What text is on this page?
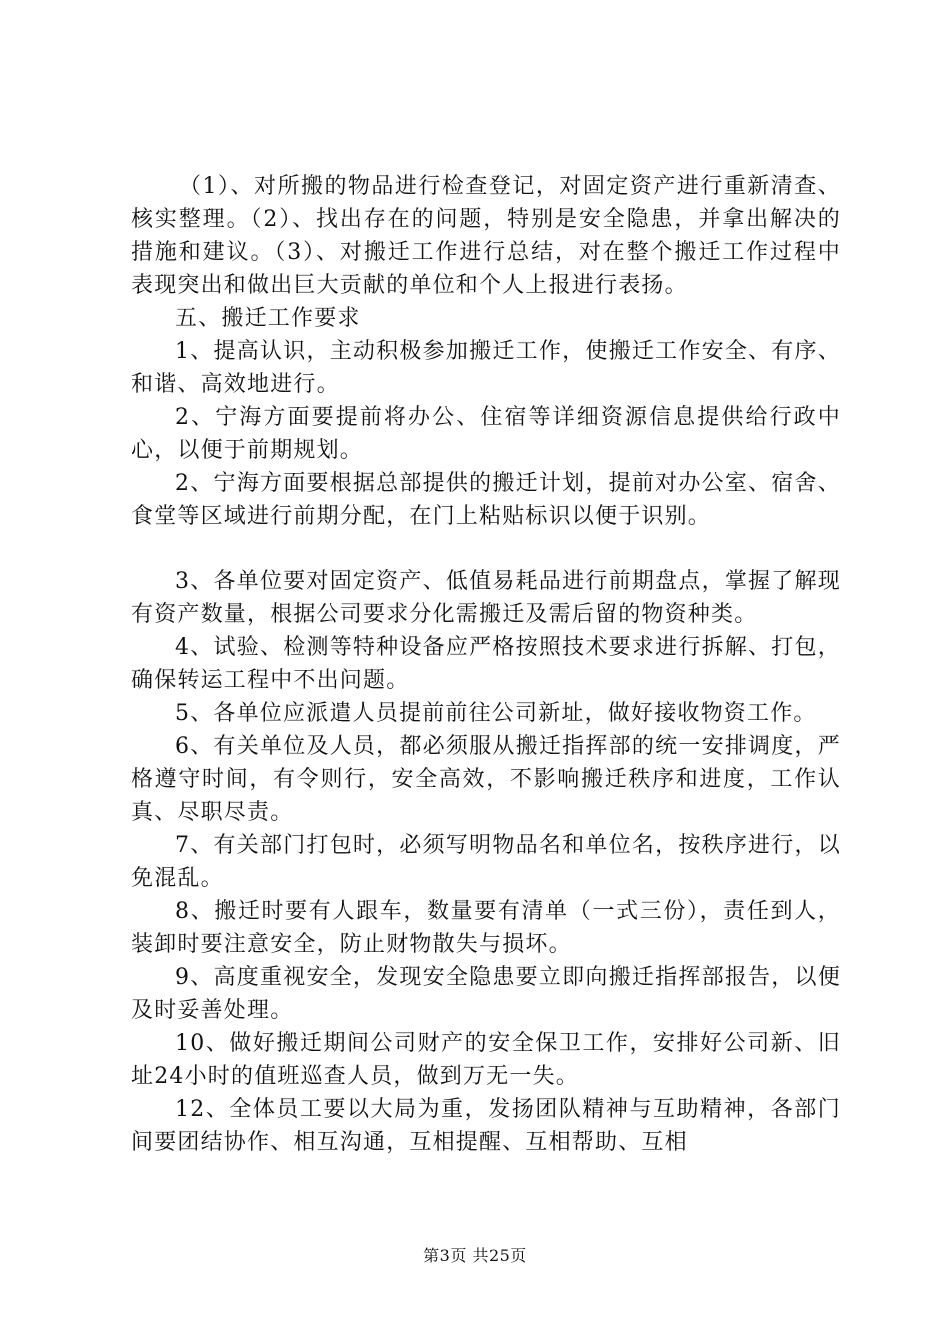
（1）、对所搬的物品进行检查登记，对固定资产进行重新清查、核实整理。（2）、找出存在的问题，特别是安全隐患，并拿出解决的措施和建议。（3）、对搬迁工作进行总结，对在整个搬迁工作过程中表现突出和做出巨大贡献的单位和个人上报进行表扬。

五、搬迁工作要求

1、提高认识，主动积极参加搬迁工作，使搬迁工作安全、有序、和谐、高效地进行。

2、宁海方面要提前将办公、住宿等详细资源信息提供给行政中心，以便于前期规划。

2、宁海方面要根据总部提供的搬迁计划，提前对办公室、宿舍、食堂等区域进行前期分配，在门上粘贴标识以便于识别。

3、各单位要对固定资产、低值易耗品进行前期盘点，掌握了解现有资产数量，根据公司要求分化需搬迁及需后留的物资种类。

4、试验、检测等特种设备应严格按照技术要求进行拆解、打包，确保转运工程中不出问题。

5、各单位应派遣人员提前前往公司新址，做好接收物资工作。

6、有关单位及人员，都必须服从搬迁指挥部的统一安排调度，严格遵守时间，有令则行，安全高效，不影响搬迁秩序和进度，工作认真、尽职尽责。

7、有关部门打包时，必须写明物品名和单位名，按秩序进行，以免混乱。

8、搬迁时要有人跟车，数量要有清单（一式三份），责任到人，装卸时要注意安全，防止财物散失与损坏。

9、高度重视安全，发现安全隐患要立即向搬迁指挥部报告，以便及时妥善处理。

10、做好搬迁期间公司财产的安全保卫工作，安排好公司新、旧址24小时的值班巡查人员，做到万无一失。

12、全体员工要以大局为重，发扬团队精神与互助精神，各部门间要团结协作、相互沟通，互相提醒、互相帮助、互相

第3页 共25页
